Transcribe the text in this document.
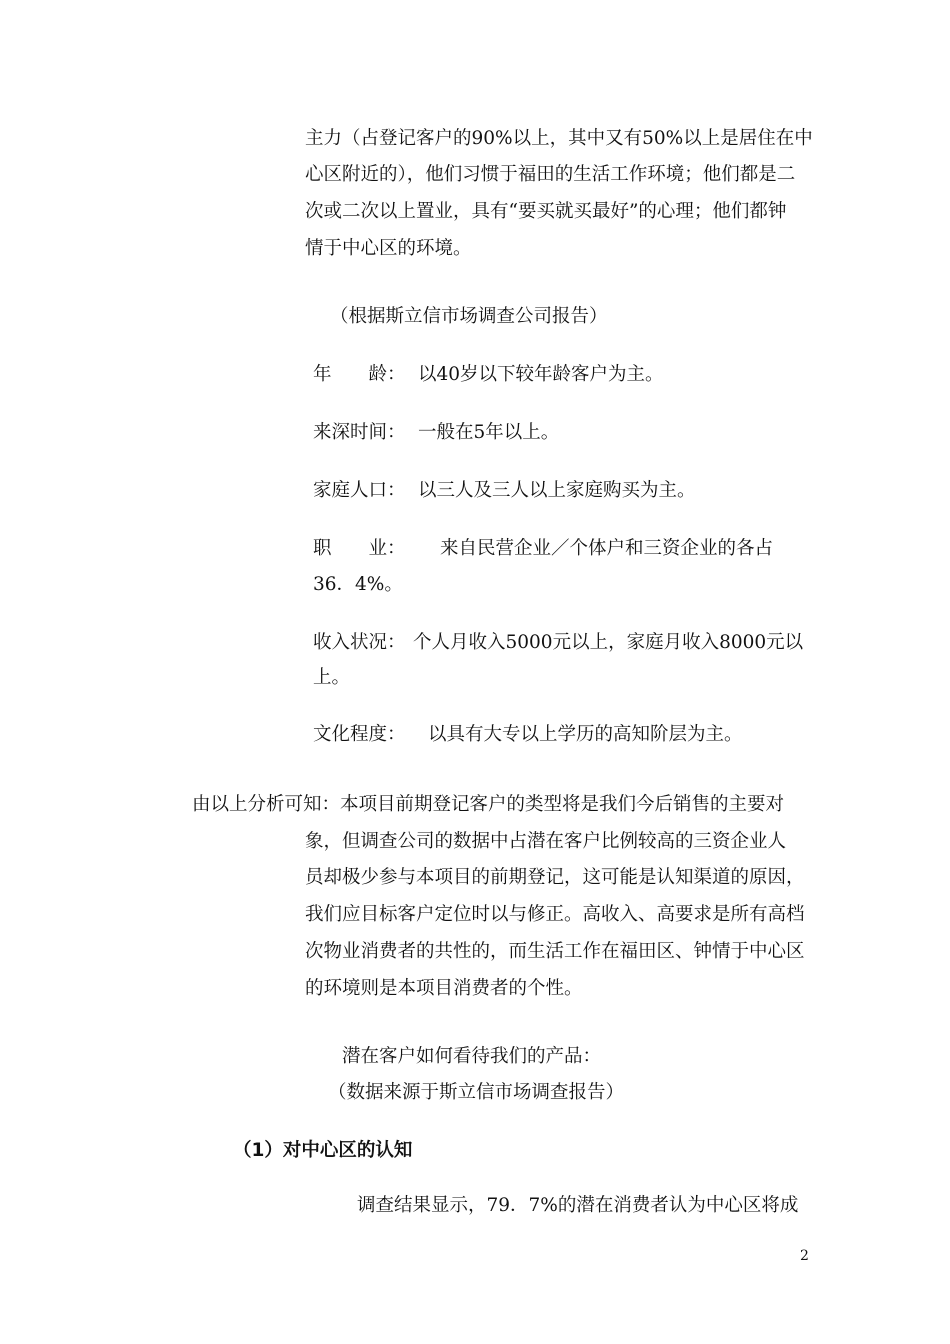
主力（占登记客户的90%以上，其中又有50%以上是居住在中
心区附近的），他们习惯于福田的生活工作环境；他们都是二
次或二次以上置业，具有“要买就买最好”的心理；他们都钟
情于中心区的环境。
（根据斯立信市场调查公司报告）
年　　龄： 以40岁以下较年龄客户为主。
来深时间： 一般在5年以上。
家庭人口： 以三人及三人以上家庭购买为主。
职　　业： 来自民营企业／个体户和三资企业的各占
36．4%。
收入状况： 个人月收入5000元以上，家庭月收入8000元以
上。
文化程度： 以具有大专以上学历的高知阶层为主。
由以上分析可知：本项目前期登记客户的类型将是我们今后销售的主要对
象，但调查公司的数据中占潜在客户比例较高的三资企业人
员却极少参与本项目的前期登记，这可能是认知渠道的原因，
我们应目标客户定位时以与修正。高收入、高要求是所有高档
次物业消费者的共性的，而生活工作在福田区、钟情于中心区
的环境则是本项目消费者的个性。
潜在客户如何看待我们的产品：
（数据来源于斯立信市场调查报告）
（1）对中心区的认知
调查结果显示，79．7%的潜在消费者认为中心区将成
2
